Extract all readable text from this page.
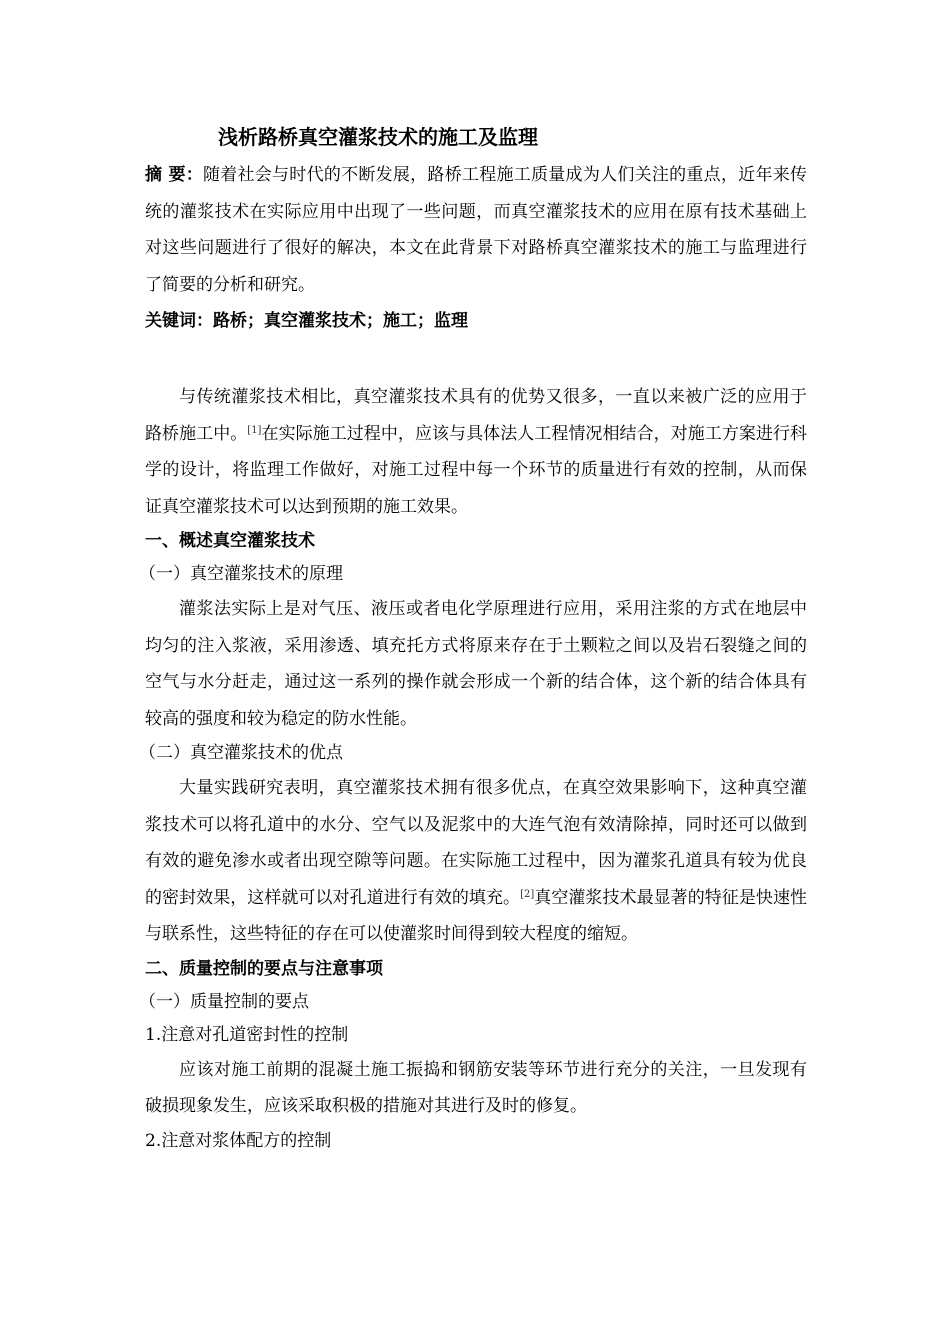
浅析路桥真空灌浆技术的施工及监理

摘 要：随着社会与时代的不断发展，路桥工程施工质量成为人们关注的重点，近年来传统的灌浆技术在实际应用中出现了一些问题，而真空灌浆技术的应用在原有技术基础上对这些问题进行了很好的解决，本文在此背景下对路桥真空灌浆技术的施工与监理进行了简要的分析和研究。

关键词：路桥；真空灌浆技术；施工；监理

与传统灌浆技术相比，真空灌浆技术具有的优势又很多，一直以来被广泛的应用于路桥施工中。[1]在实际施工过程中，应该与具体法人工程情况相结合，对施工方案进行科学的设计，将监理工作做好，对施工过程中每一个环节的质量进行有效的控制，从而保证真空灌浆技术可以达到预期的施工效果。

一、概述真空灌浆技术

（一）真空灌浆技术的原理

灌浆法实际上是对气压、液压或者电化学原理进行应用，采用注浆的方式在地层中均匀的注入浆液，采用渗透、填充托方式将原来存在于土颗粒之间以及岩石裂缝之间的空气与水分赶走，通过这一系列的操作就会形成一个新的结合体，这个新的结合体具有较高的强度和较为稳定的防水性能。

（二）真空灌浆技术的优点

大量实践研究表明，真空灌浆技术拥有很多优点，在真空效果影响下，这种真空灌浆技术可以将孔道中的水分、空气以及泥浆中的大连气泡有效清除掉，同时还可以做到有效的避免渗水或者出现空隙等问题。在实际施工过程中，因为灌浆孔道具有较为优良的密封效果，这样就可以对孔道进行有效的填充。[2]真空灌浆技术最显著的特征是快速性与联系性，这些特征的存在可以使灌浆时间得到较大程度的缩短。

二、质量控制的要点与注意事项

（一）质量控制的要点

1.注意对孔道密封性的控制

应该对施工前期的混凝土施工振捣和钢筋安装等环节进行充分的关注，一旦发现有破损现象发生，应该采取积极的措施对其进行及时的修复。

2.注意对浆体配方的控制
